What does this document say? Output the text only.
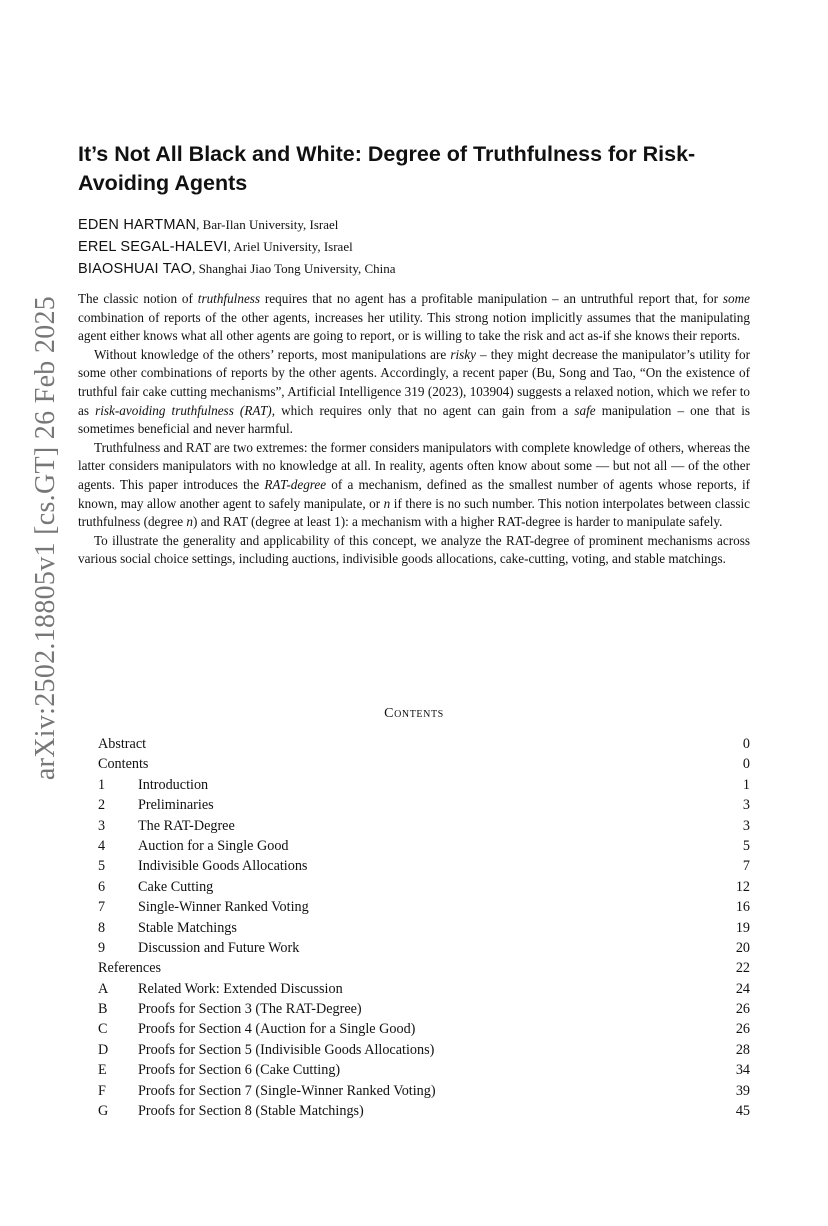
arXiv:2502.18805v1 [cs.GT] 26 Feb 2025
It’s Not All Black and White: Degree of Truthfulness for Risk-Avoiding Agents
EDEN HARTMAN, Bar-Ilan University, Israel
EREL SEGAL-HALEVI, Ariel University, Israel
BIAOSHUAI TAO, Shanghai Jiao Tong University, China

The classic notion of truthfulness requires that no agent has a profitable manipulation – an untruthful report that, for some combination of reports of the other agents, increases her utility. This strong notion implicitly assumes that the manipulating agent either knows what all other agents are going to report, or is willing to take the risk and act as-if she knows their reports.

Without knowledge of the others’ reports, most manipulations are risky – they might decrease the manipulator’s utility for some other combinations of reports by the other agents. Accordingly, a recent paper (Bu, Song and Tao, “On the existence of truthful fair cake cutting mechanisms”, Artificial Intelligence 319 (2023), 103904) suggests a relaxed notion, which we refer to as risk-avoiding truthfulness (RAT), which requires only that no agent can gain from a safe manipulation – one that is sometimes beneficial and never harmful.

Truthfulness and RAT are two extremes: the former considers manipulators with complete knowledge of others, whereas the latter considers manipulators with no knowledge at all. In reality, agents often know about some — but not all — of the other agents. This paper introduces the RAT-degree of a mechanism, defined as the smallest number of agents whose reports, if known, may allow another agent to safely manipulate, or n if there is no such number. This notion interpolates between classic truthfulness (degree n) and RAT (degree at least 1): a mechanism with a higher RAT-degree is harder to manipulate safely.

To illustrate the generality and applicability of this concept, we analyze the RAT-degree of prominent mechanisms across various social choice settings, including auctions, indivisible goods allocations, cake-cutting, voting, and stable matchings.

Contents
Abstract	0
Contents	0
1 Introduction	1
2 Preliminaries	3
3 The RAT-Degree	3
4 Auction for a Single Good	5
5 Indivisible Goods Allocations	7
6 Cake Cutting	12
7 Single-Winner Ranked Voting	16
8 Stable Matchings	19
9 Discussion and Future Work	20
References	22
A Related Work: Extended Discussion	24
B Proofs for Section 3 (The RAT-Degree)	26
C Proofs for Section 4 (Auction for a Single Good)	26
D Proofs for Section 5 (Indivisible Goods Allocations)	28
E Proofs for Section 6 (Cake Cutting)	34
F Proofs for Section 7 (Single-Winner Ranked Voting)	39
G Proofs for Section 8 (Stable Matchings)	45
